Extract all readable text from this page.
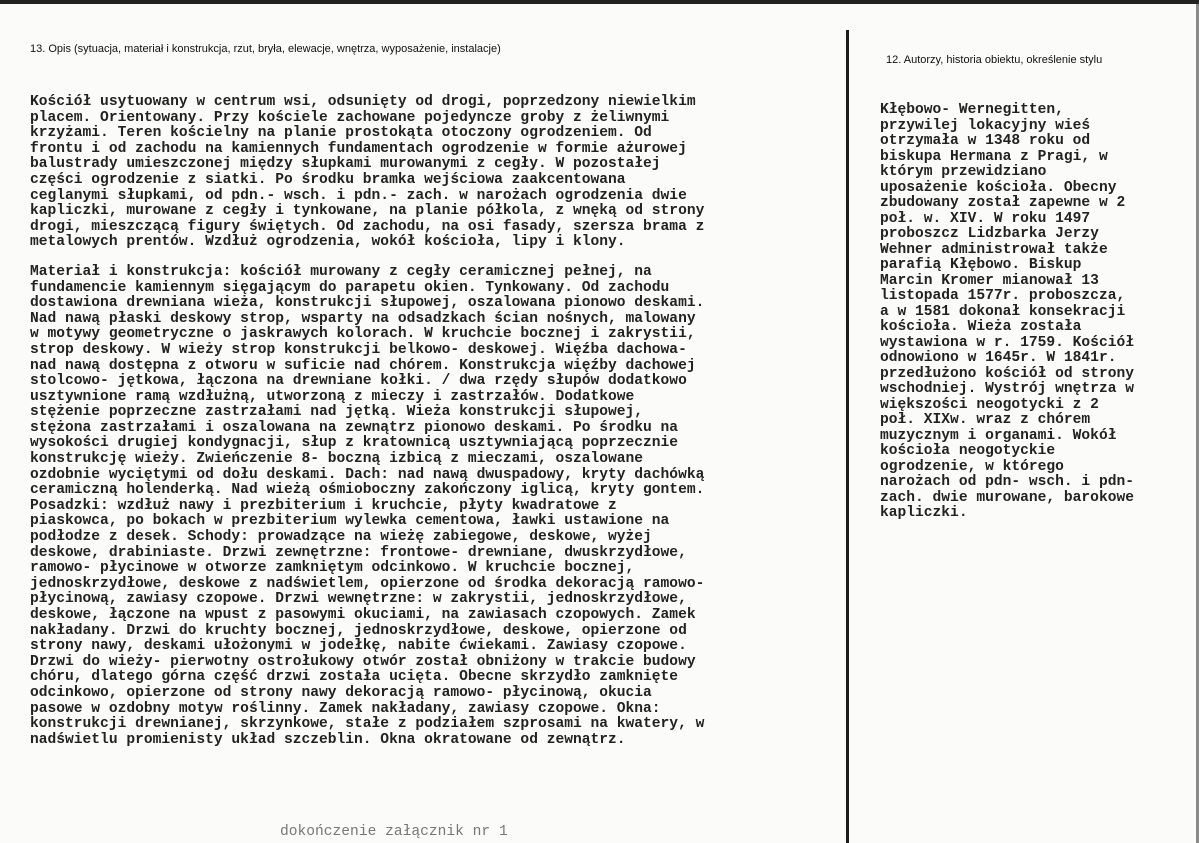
13. Opis (sytuacja, materiał i konstrukcja, rzut, bryła, elewacje, wnętrza, wyposażenie, instalacje)
12. Autorzy, historia obiektu, określenie stylu
Kościół usytuowany w centrum wsi, odsunięty od drogi, poprzedzony niewielkim
placem. Orientowany. Przy kościele zachowane pojedyncze groby z żeliwnymi
krzyżami. Teren kościelny na planie prostokąta otoczony ogrodzeniem. Od
frontu i od zachodu na kamiennych fundamentach ogrodzenie w formie ażurowej
balustrady umieszczonej między słupkami murowanymi z cegły. W pozostałej
części ogrodzenie z siatki. Po środku bramka wejściowa zaakcentowana
ceglanymi słupkami, od pdn.- wsch. i pdn.- zach. w narożach ogrodzenia dwie
kapliczki, murowane z cegły i tynkowane, na planie półkola, z wnęką od strony
drogi, mieszczącą figury świętych. Od zachodu, na osi fasady, szersza brama z
metalowych prentów. Wzdłuż ogrodzenia, wokół kościoła, lipy i klony.
Materiał i konstrukcja: kościół murowany z cegły ceramicznej pełnej, na
fundamencie kamiennym sięgającym do parapetu okien. Tynkowany. Od zachodu
dostawiona drewniana wieża, konstrukcji słupowej, oszalowana pionowo deskami.
Nad nawą płaski deskowy strop, wsparty na odsadzkach ścian nośnych, malowany
w motywy geometryczne o jaskrawych kolorach. W kruchcie bocznej i zakrystii,
strop deskowy. W wieży strop konstrukcji belkowo- deskowej. Więźba dachowa-
nad nawą dostępna z otworu w suficie nad chórem. Konstrukcja więźby dachowej
stolcowo- jętkowa, łączona na drewniane kołki. / dwa rzędy słupów dodatkowo
usztywnione ramą wzdłużną, utworzoną z mieczy i zastrzałów. Dodatkowe
stężenie poprzeczne zastrzałami nad jętką. Wieża konstrukcji słupowej,
stężona zastrzałami i oszalowana na zewnątrz pionowo deskami. Po środku na
wysokości drugiej kondygnacji, słup z kratownicą usztywniającą poprzecznie
konstrukcję wieży. Zwieńczenie 8- boczną izbicą z mieczami, oszalowane
ozdobnie wyciętymi od dołu deskami. Dach: nad nawą dwuspadowy, kryty dachówką
ceramiczną holenderką. Nad wieżą ośmioboczny zakończony iglicą, kryty gontem.
Posadzki: wzdłuż nawy i prezbiterium i kruchcie, płyty kwadratowe z
piaskowca, po bokach w prezbiterium wylewka cementowa, ławki ustawione na
podłodze z desek. Schody: prowadzące na wieżę zabiegowe, deskowe, wyżej
deskowe, drabiniaste. Drzwi zewnętrzne: frontowe- drewniane, dwuskrzydłowe,
ramowo- płycinowe w otworze zamkniętym odcinkowo. W kruchcie bocznej,
jednoskrzydłowe, deskowe z nadświetlem, opierzone od środka dekoracją ramowo-
płycinową, zawiasy czopowe. Drzwi wewnętrzne: w zakrystii, jednoskrzydłowe,
deskowe, łączone na wpust z pasowymi okuciami, na zawiasach czopowych. Zamek
nakładany. Drzwi do kruchty bocznej, jednoskrzydłowe, deskowe, opierzone od
strony nawy, deskami ułożonymi w jodełkę, nabite ćwiekami. Zawiasy czopowe.
Drzwi do wieży- pierwotny ostrołukowy otwór został obniżony w trakcie budowy
chóru, dlatego górna część drzwi została ucięta. Obecne skrzydło zamknięte
odcinkowo, opierzone od strony nawy dekoracją ramowo- płycinową, okucia
pasowe w ozdobny motyw roślinny. Zamek nakładany, zawiasy czopowe. Okna:
konstrukcji drewnianej, skrzynkowe, stałe z podziałem szprosami na kwatery, w
nadświetlu promienisty układ szczeblin. Okna okratowane od zewnątrz.
dokończenie załącznik nr 1
Kłębowo- Wernegitten,
przywilej lokacyjny wieś
otrzymała w 1348 roku od
biskupa Hermana z Pragi, w
którym przewidziano
uposażenie kościoła. Obecny
zbudowany został zapewne w 2
poł. w. XIV. W roku 1497
proboszcz Lidzbarka Jerzy
Wehner administrował także
parafią Kłębowo. Biskup
Marcin Kromer mianował 13
listopada 1577r. proboszcza,
a w 1581 dokonał konsekracji
kościoła. Wieża została
wystawiona w r. 1759. Kościół
odnowiono w 1645r. W 1841r.
przedłużono kościół od strony
wschodniej. Wystrój wnętrza w
większości neogotycki z 2
poł. XIXw. wraz z chórem
muzycznym i organami. Wokół
kościoła neogotyckie
ogrodzenie, w którego
narożach od pdn- wsch. i pdn-
zach. dwie murowane, barokowe
kapliczki.
